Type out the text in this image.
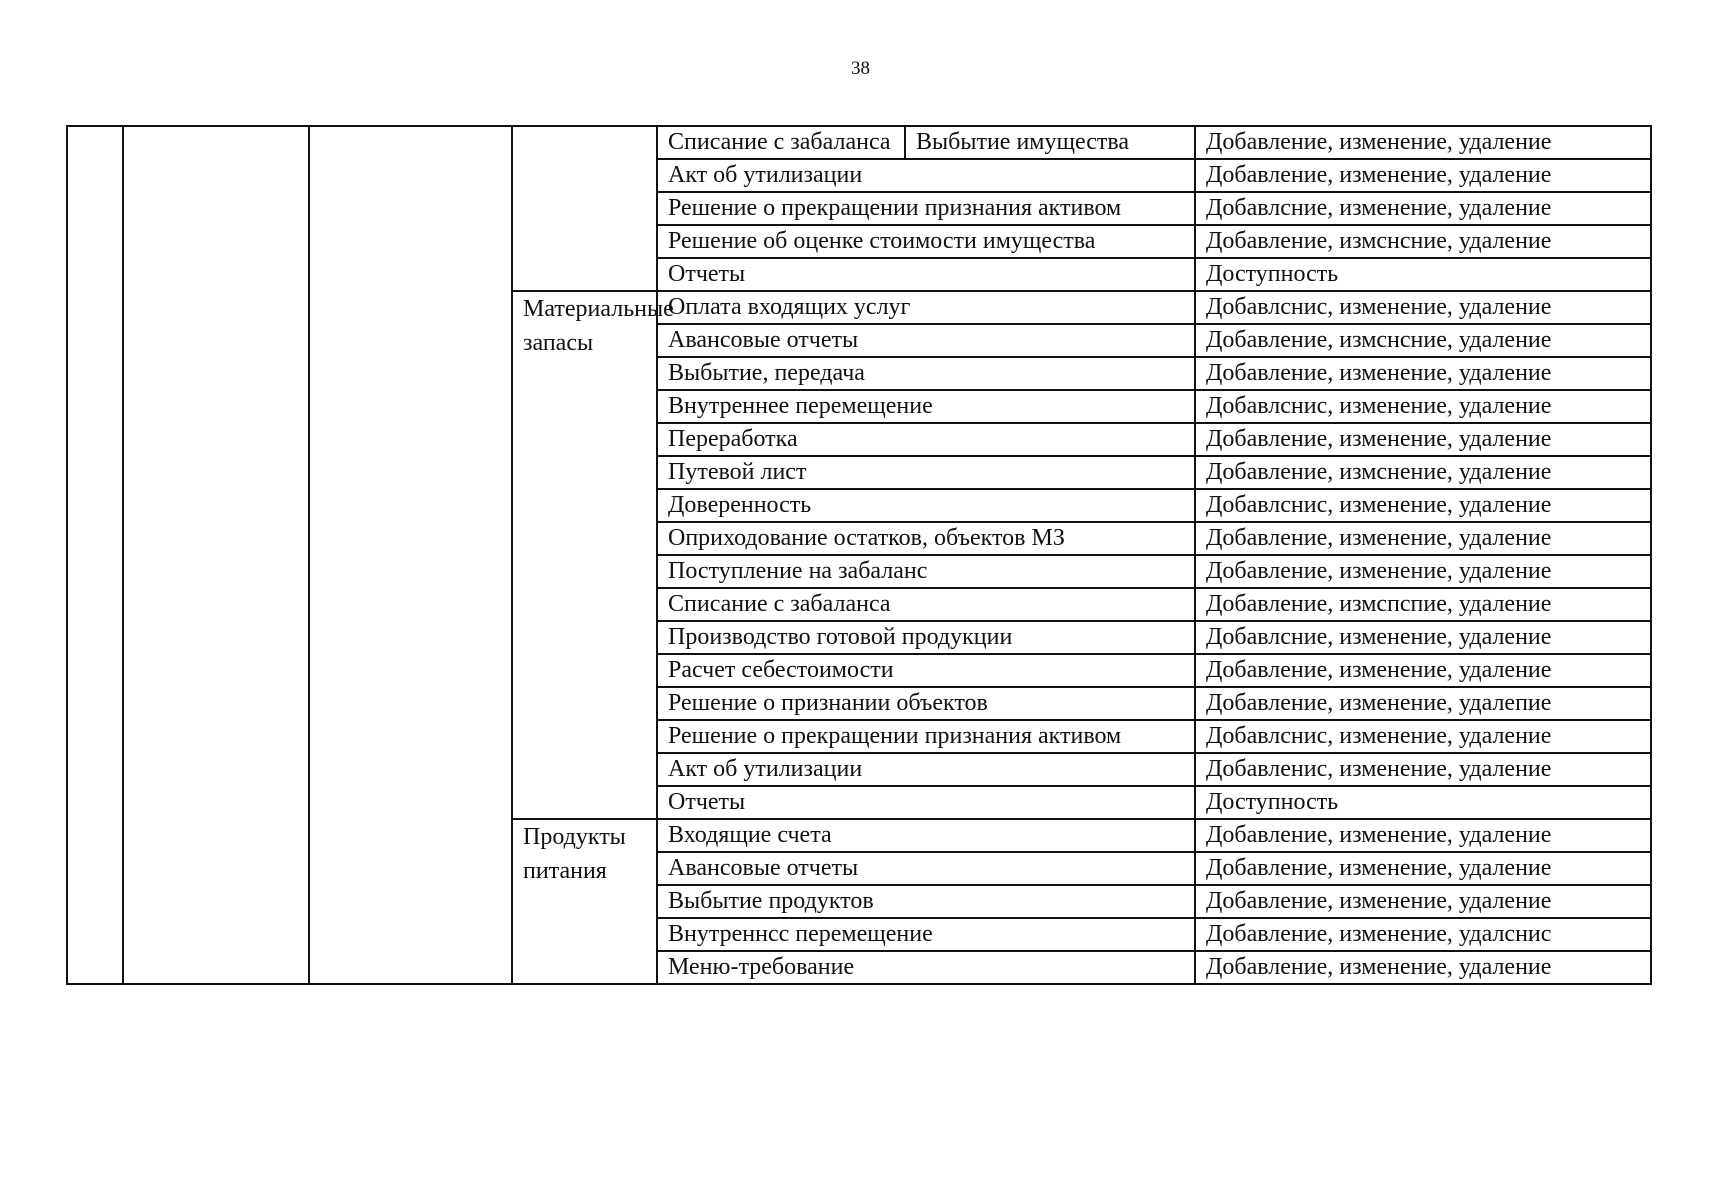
38
				Списание с забаланса	Выбытие имущества	Добавление, изменение, удаление
				Акт об утилизации		Добавление, изменение, удаление
				Решение о прекращении признания активом		Добавлсние, изменение, удаление
				Решение об оценке стоимости имущества		Добавление, измснсние, удаление
				Отчеты		Доступность
			Материальные запасы	Оплата входящих услуг		Добавлснис, изменение, удаление
				Авансовые отчеты		Добавление, измснсние, удаление
				Выбытие, передача		Добавление, изменение, удаление
				Внутреннее перемещение		Добавлснис, изменение, удаление
				Переработка		Добавление, изменение, удаление
				Путевой лист		Добавление, измснение, удаление
				Доверенность		Добавлснис, изменение, удаление
				Оприходование остатков, объектов МЗ		Добавление, изменение, удаление
				Поступление на забаланс		Добавление, изменение, удаление
				Списание с забаланса		Добавление, измспспие, удаление
				Производство готовой продукции		Добавлсние, изменение, удаление
				Расчет себестоимости		Добавление, изменение, удаление
				Решение о признании объектов		Добавление, изменение, удалепие
				Решение о прекращении признания активом		Добавлснис, изменение, удаление
				Акт об утилизации		Добавленис, изменение, удаление
				Отчеты		Доступность
			Продукты питания	Входящие счета		Добавление, изменение, удаление
				Авансовые отчеты		Добавление, изменение, удаление
				Выбытие продуктов		Добавление, изменение, удаление
				Внутреннсс перемещение		Добавление, изменение, удалснис
				Меню-требование		Добавление, изменение, удаление
